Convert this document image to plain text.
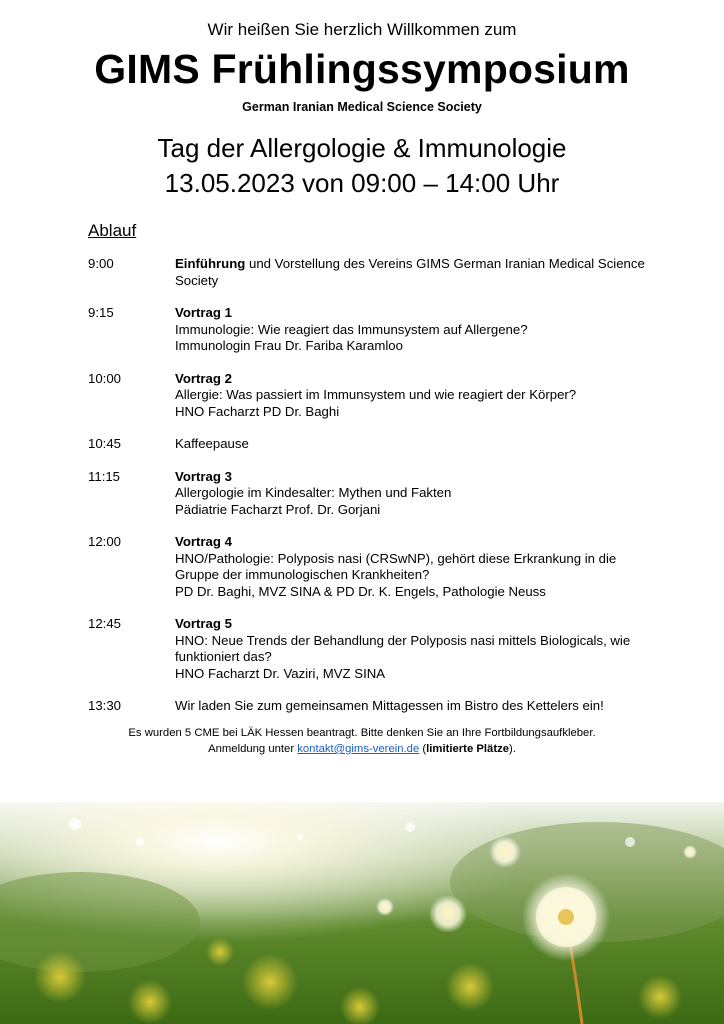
Wir heißen Sie herzlich Willkommen zum
GIMS Frühlingssymposium
German Iranian Medical Science Society
Tag der Allergologie & Immunologie
13.05.2023 von 09:00 – 14:00 Uhr
Ablauf
9:00	Einführung und Vorstellung des Vereins GIMS German Iranian Medical Science Society
9:15	Vortrag 1
Immunologie: Wie reagiert das Immunsystem auf Allergene?
Immunologin Frau Dr. Fariba Karamloo
10:00	Vortrag 2
Allergie: Was passiert im Immunsystem und wie reagiert der Körper?
HNO Facharzt PD Dr. Baghi
10:45	Kaffeepause
11:15	Vortrag 3
Allergologie im Kindesalter: Mythen und Fakten
Pädiatrie Facharzt Prof. Dr. Gorjani
12:00	Vortrag 4
HNO/Pathologie: Polyposis nasi (CRSwNP), gehört diese Erkrankung in die Gruppe der immunologischen Krankheiten?
PD Dr. Baghi, MVZ SINA & PD Dr. K. Engels, Pathologie Neuss
12:45	Vortrag 5
HNO: Neue Trends der Behandlung der Polyposis nasi mittels Biologicals, wie funktioniert das?
HNO Facharzt Dr. Vaziri, MVZ SINA
13:30	Wir laden Sie zum gemeinsamen Mittagessen im Bistro des Kettelers ein!
Es wurden 5 CME bei LÄK Hessen beantragt. Bitte denken Sie an Ihre Fortbildungsaufkleber.
Anmeldung unter kontakt@gims-verein.de (limitierte Plätze).
